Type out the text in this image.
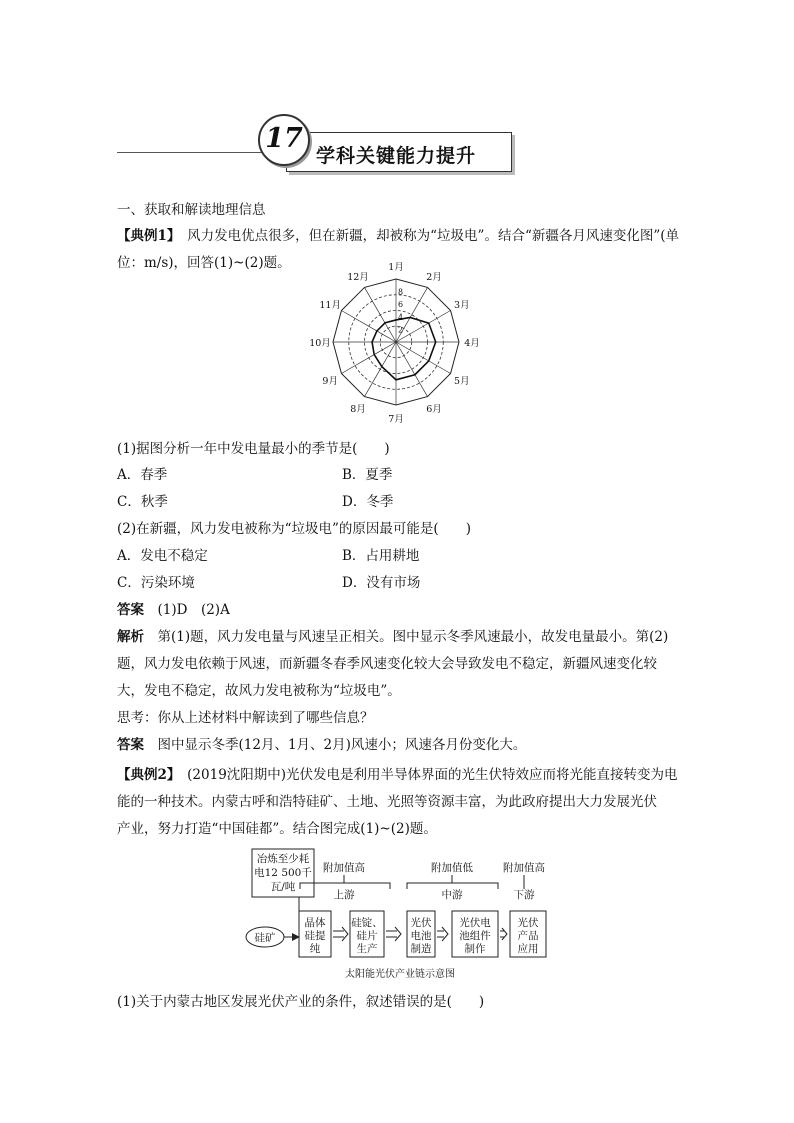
17
学科关键能力提升
一、获取和解读地理信息
【典例1】　 风力发电优点很多，但在新疆，却被称为“垃圾电”。结合“新疆各月风速变化图”(单
位：m/s)，回答(1)~(2)题。
2
4
6
8
1月
2月
3月
4月
5月
6月
7月
8月
9月
10月
11月
12月
(1)据图分析一年中发电量最小的季节是(　　)
A．春季	B．夏季
C．秋季	D．冬季
(2)在新疆，风力发电被称为“垃圾电”的原因最可能是(　　)
A．发电不稳定	B．占用耕地
C．污染环境	D．没有市场
答案　 (1)D　(2)A
解析　 第(1)题，风力发电量与风速呈正相关。图中显示冬季风速最小，故发电量最小。第(2)
题，风力发电依赖于风速，而新疆冬春季风速变化较大会导致发电不稳定，新疆风速变化较
大，发电不稳定，故风力发电被称为“垃圾电”。
思考：你从上述材料中解读到了哪些信息？
答案　 图中显示冬季(12月、1月、2月)风速小；风速各月份变化大。
【典例2】　 (2019沈阳期中)光伏发电是利用半导体界面的光生伏特效应而将光能直接转变为电
能的一种技术。内蒙古呼和浩特硅矿、土地、光照等资源丰富，为此政府提出大力发展光伏
产业，努力打造“中国硅都”。结合图完成(1)~(2)题。
冶炼至少耗
电12 500千
瓦/吨
附加值高	附加值低	附加值高
上游	中游	下游
硅矿
晶体
硅提
纯
硅锭、
硅片
生产
光伏
电池
制造
光伏电
池组件
制作
光伏
产品
应用
太阳能光伏产业链示意图
(1)关于内蒙古地区发展光伏产业的条件，叙述错误的是(　　)
